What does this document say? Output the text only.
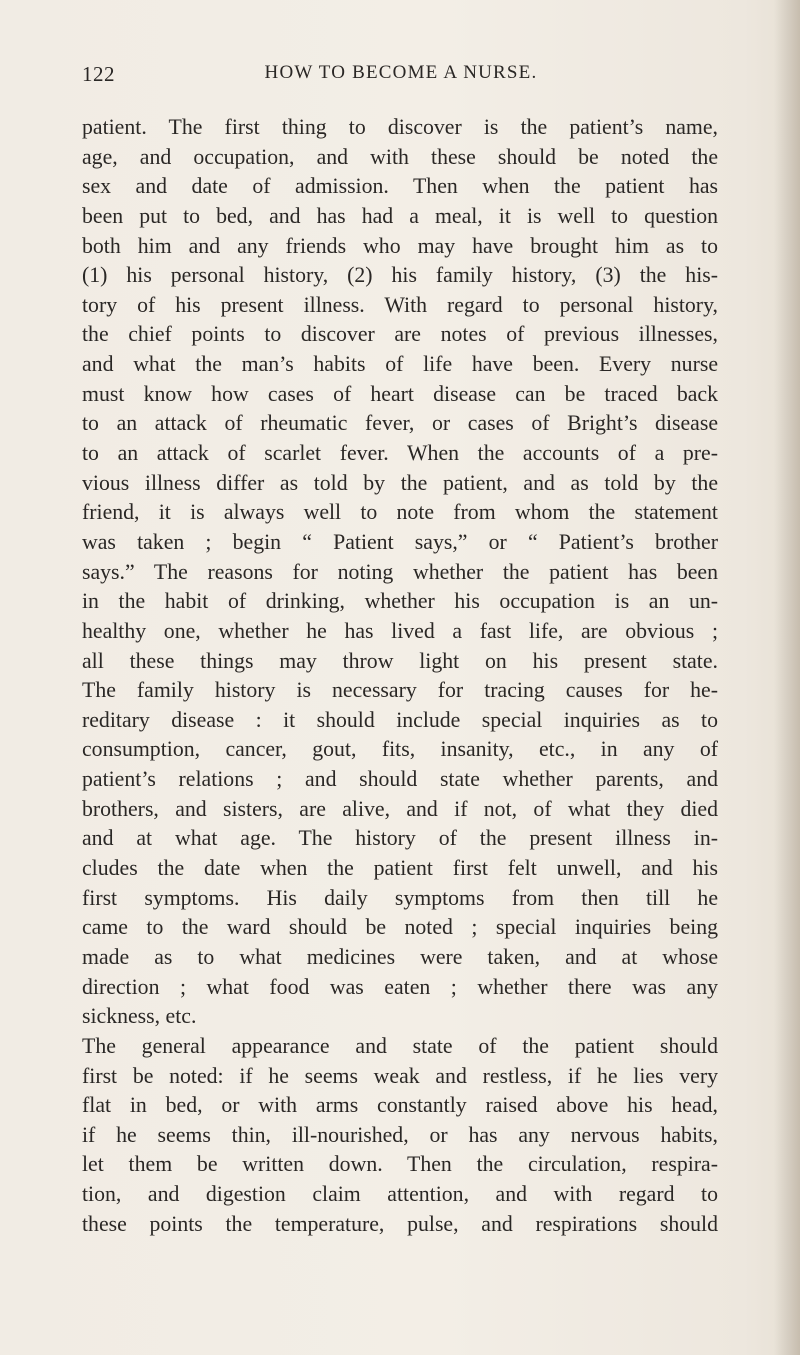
122	HOW TO BECOME A NURSE.
patient. The first thing to discover is the patient’s name,
age, and occupation, and with these should be noted the
sex and date of admission. Then when the patient has
been put to bed, and has had a meal, it is well to question
both him and any friends who may have brought him as to
(1) his personal history, (2) his family history, (3) the his-
tory of his present illness. With regard to personal history,
the chief points to discover are notes of previous illnesses,
and what the man’s habits of life have been. Every nurse
must know how cases of heart disease can be traced back
to an attack of rheumatic fever, or cases of Bright’s disease
to an attack of scarlet fever. When the accounts of a pre-
vious illness differ as told by the patient, and as told by the
friend, it is always well to note from whom the statement
was taken ; begin “ Patient says,” or “ Patient’s brother
says.” The reasons for noting whether the patient has been
in the habit of drinking, whether his occupation is an un-
healthy one, whether he has lived a fast life, are obvious ;
all these things may throw light on his present state.
The family history is necessary for tracing causes for he-
reditary disease : it should include special inquiries as to
consumption, cancer, gout, fits, insanity, etc., in any of
patient’s relations ; and should state whether parents, and
brothers, and sisters, are alive, and if not, of what they died
and at what age. The history of the present illness in-
cludes the date when the patient first felt unwell, and his
first symptoms. His daily symptoms from then till he
came to the ward should be noted ; special inquiries being
made as to what medicines were taken, and at whose
direction ; what food was eaten ; whether there was any
sickness, etc.
The general appearance and state of the patient should
first be noted: if he seems weak and restless, if he lies very
flat in bed, or with arms constantly raised above his head,
if he seems thin, ill-nourished, or has any nervous habits,
let them be written down. Then the circulation, respira-
tion, and digestion claim attention, and with regard to
these points the temperature, pulse, and respirations should
